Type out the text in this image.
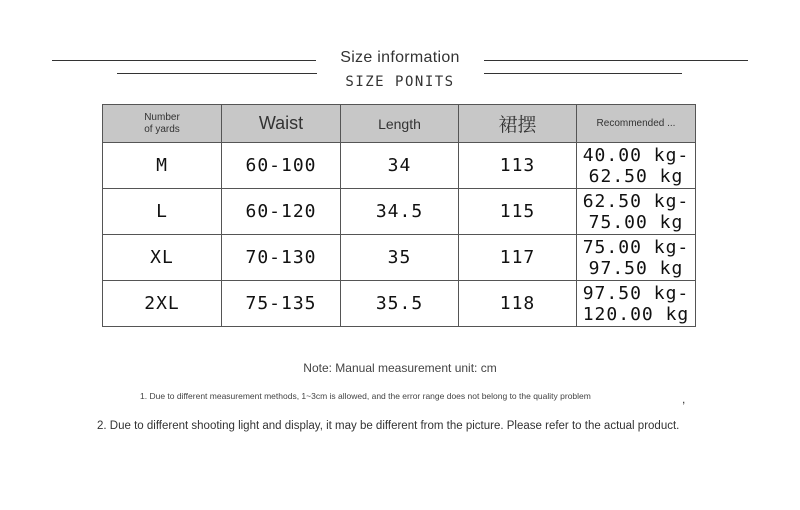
Size information
SIZE PONITS
Number
of yards	Waist	Length	裙摆	Recommended ...
M	60-100	34	113	40.00 kg-62.50 kg
L	60-120	34.5	115	62.50 kg-75.00 kg
XL	70-130	35	117	75.00 kg-97.50 kg
2XL	75-135	35.5	118	97.50 kg-120.00 kg
Note: Manual measurement unit: cm
1. Due to different measurement methods, 1~3cm is allowed, and the error range does not belong to the quality problem	,
2. Due to different shooting light and display, it may be different from the picture. Please refer to the actual product.
